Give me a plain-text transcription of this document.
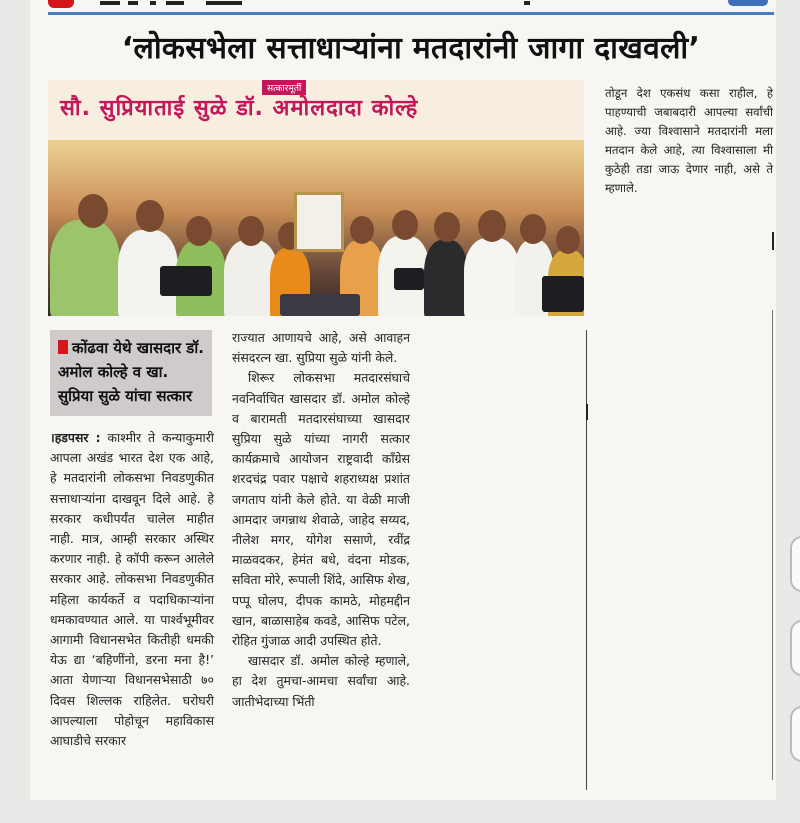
‘लोकसभेला सत्ताधाऱ्यांना मतदारांनी जागा दाखवली’
सत्कारमूर्ती
सौ. सुप्रियाताई सुळे डॉ. अमोलदादा कोल्हे
तोडून देश एकसंध कसा राहील, हे पाहण्याची जबाबदारी आपल्या सर्वांची आहे. ज्या विश्वासाने मतदारांनी मला मतदान केले आहे, त्या विश्वासाला मी कुठेही तडा जाऊ देणार नाही, असे ते म्हणाले.
कोंढवा येथे खासदार डॉ. अमोल कोल्हे व खा. सुप्रिया सुळे यांचा सत्कार
।हडपसर : काश्मीर ते कन्याकुमारी आपला अखंड भारत देश एक आहे, हे मतदारांनी लोकसभा निवडणुकीत सत्ताधाऱ्यांना दाखवून दिले आहे. हे सरकार कधीपर्यंत चालेल माहीत नाही. मात्र, आम्ही सरकार अस्थिर करणार नाही. हे कॉपी करून आलेले सरकार आहे. लोकसभा निवडणुकीत महिला कार्यकर्ते व पदाधिकाऱ्यांना धमकावण्यात आले. या पार्श्वभूमीवर आगामी विधानसभेत कितीही धमकी येऊ द्या ‘बहिणींनो, डरना मना है!’ आता येणाऱ्या विधानसभेसाठी ७० दिवस शिल्लक राहिलेत. घरोघरी आपल्याला पोहोचून महाविकास आघाडीचे सरकार
राज्यात आणायचे आहे, असे आवाहन संसदरत्न खा. सुप्रिया सुळे यांनी केले.
शिरूर लोकसभा मतदारसंघाचे नवनिर्वाचित खासदार डॉ. अमोल कोल्हे व बारामती मतदारसंघाच्या खासदार सुप्रिया सुळे यांच्या नागरी सत्कार कार्यक्रमाचे आयोजन राष्ट्रवादी काँग्रेस शरदचंद्र पवार पक्षाचे शहराध्यक्ष प्रशांत जगताप यांनी केले होते. या वेळी माजी आमदार जगन्नाथ शेवाळे, जाहेद सय्यद, नीलेश मगर, योगेश ससाणे, रवींद्र माळवदकर, हेमंत बधे, वंदना मोडक, सविता मोरे, रूपाली शिंदे, आसिफ शेख, पप्पू घोलप, दीपक कामठे, मोहमद्दीन खान, बाळासाहेब कवडे, आसिफ पटेल, रोहित गुंजाळ आदी उपस्थित होते.
खासदार डॉ. अमोल कोल्हे म्हणाले, हा देश तुमचा-आमचा सर्वांचा आहे. जातीभेदाच्या भिंती
